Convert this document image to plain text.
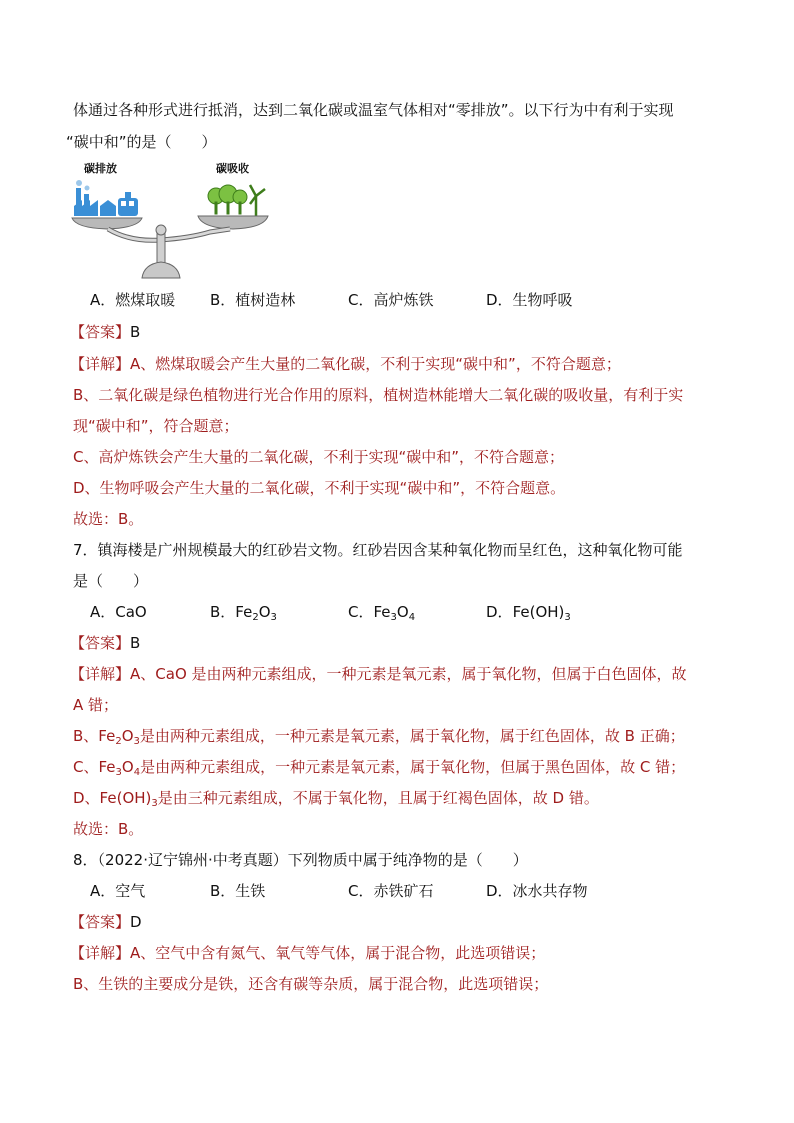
体通过各种形式进行抵消，达到二氧化碳或温室气体相对“零排放”。以下行为中有利于实现
“碳中和”的是（　　）
碳排放	碳吸收
A．燃煤取暖 B．植树造林	C．高炉炼铁	D．生物呼吸
【答案】B
【详解】A、燃煤取暖会产生大量的二氧化碳，不利于实现“碳中和”，不符合题意；
B、二氧化碳是绿色植物进行光合作用的原料，植树造林能增大二氧化碳的吸收量，有利于实
现“碳中和”，符合题意；
C、高炉炼铁会产生大量的二氧化碳，不利于实现“碳中和”，不符合题意；
D、生物呼吸会产生大量的二氧化碳，不利于实现“碳中和”，不符合题意。
故选：B。
7．镇海楼是广州规模最大的红砂岩文物。红砂岩因含某种氧化物而呈红色，这种氧化物可能
是（　　）
A．CaO	B．$Fe_2O_3$	C．$Fe_3O_4$	D．$Fe(OH)_3$
【答案】B
【详解】A、CaO 是由两种元素组成，一种元素是氧元素，属于氧化物，但属于白色固体，故
A 错；
B、$Fe_2O_3$是由两种元素组成，一种元素是氧元素，属于氧化物，属于红色固体，故 B 正确；
C、$Fe_3O_4$是由两种元素组成，一种元素是氧元素，属于氧化物，但属于黑色固体，故 C 错；
D、$Fe(OH)_3$是由三种元素组成，不属于氧化物，且属于红褐色固体，故 D 错。
故选：B。
8．（2022·辽宁锦州·中考真题）下列物质中属于纯净物的是（　　）
A．空气	B．生铁	C．赤铁矿石	D．冰水共存物
【答案】D
【详解】A、空气中含有氮气、氧气等气体，属于混合物，此选项错误；
B、生铁的主要成分是铁，还含有碳等杂质，属于混合物，此选项错误；
